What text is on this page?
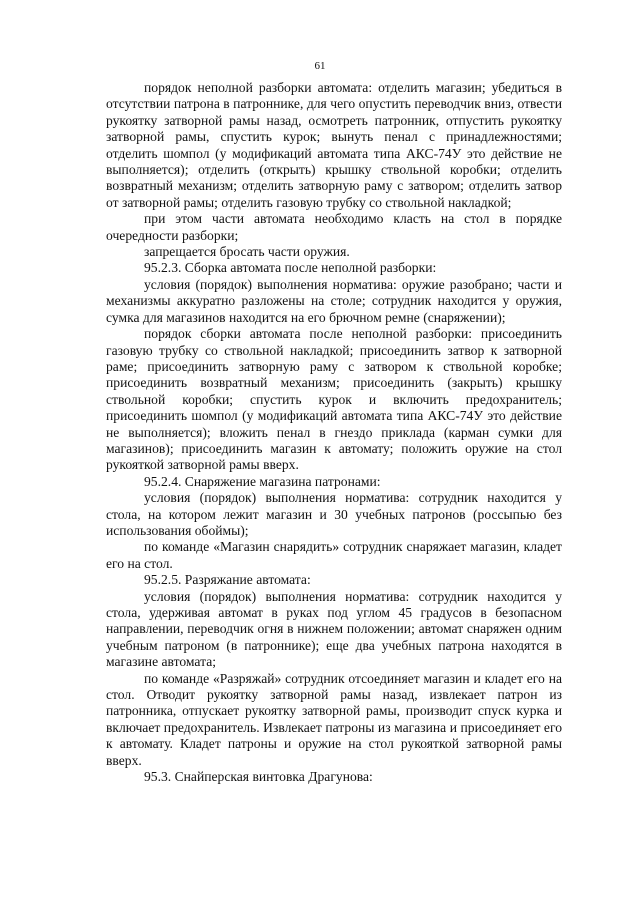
61

порядок неполной разборки автомата: отделить магазин; убедиться в отсутствии патрона в патроннике, для чего опустить переводчик вниз, отвести рукоятку затворной рамы назад, осмотреть патронник, отпустить рукоятку затворной рамы, спустить курок; вынуть пенал с принадлежностями; отделить шомпол (у модификаций автомата типа АКС-74У это действие не выполняется); отделить (открыть) крышку ствольной коробки; отделить возвратный механизм; отделить затворную раму с затвором; отделить затвор от затворной рамы; отделить газовую трубку со ствольной накладкой;

при этом части автомата необходимо класть на стол в порядке очередности разборки;

запрещается бросать части оружия.

95.2.3. Сборка автомата после неполной разборки:

условия (порядок) выполнения норматива: оружие разобрано; части и механизмы аккуратно разложены на столе; сотрудник находится у оружия, сумка для магазинов находится на его брючном ремне (снаряжении);

порядок сборки автомата после неполной разборки: присоединить газовую трубку со ствольной накладкой; присоединить затвор к затворной раме; присоединить затворную раму с затвором к ствольной коробке; присоединить возвратный механизм; присоединить (закрыть) крышку ствольной коробки; спустить курок и включить предохранитель; присоединить шомпол (у модификаций автомата типа АКС-74У это действие не выполняется); вложить пенал в гнездо приклада (карман сумки для магазинов); присоединить магазин к автомату; положить оружие на стол рукояткой затворной рамы вверх.

95.2.4. Снаряжение магазина патронами:

условия (порядок) выполнения норматива: сотрудник находится у стола, на котором лежит магазин и 30 учебных патронов (россыпью без использования обоймы);

по команде «Магазин снарядить» сотрудник снаряжает магазин, кладет его на стол.

95.2.5. Разряжание автомата:

условия (порядок) выполнения норматива: сотрудник находится у стола, удерживая автомат в руках под углом 45 градусов в безопасном направлении, переводчик огня в нижнем положении; автомат снаряжен одним учебным патроном (в патроннике); еще два учебных патрона находятся в магазине автомата;

по команде «Разряжай» сотрудник отсоединяет магазин и кладет его на стол. Отводит рукоятку затворной рамы назад, извлекает патрон из патронника, отпускает рукоятку затворной рамы, производит спуск курка и включает предохранитель. Извлекает патроны из магазина и присоединяет его к автомату. Кладет патроны и оружие на стол рукояткой затворной рамы вверх.

95.3. Снайперская винтовка Драгунова:
